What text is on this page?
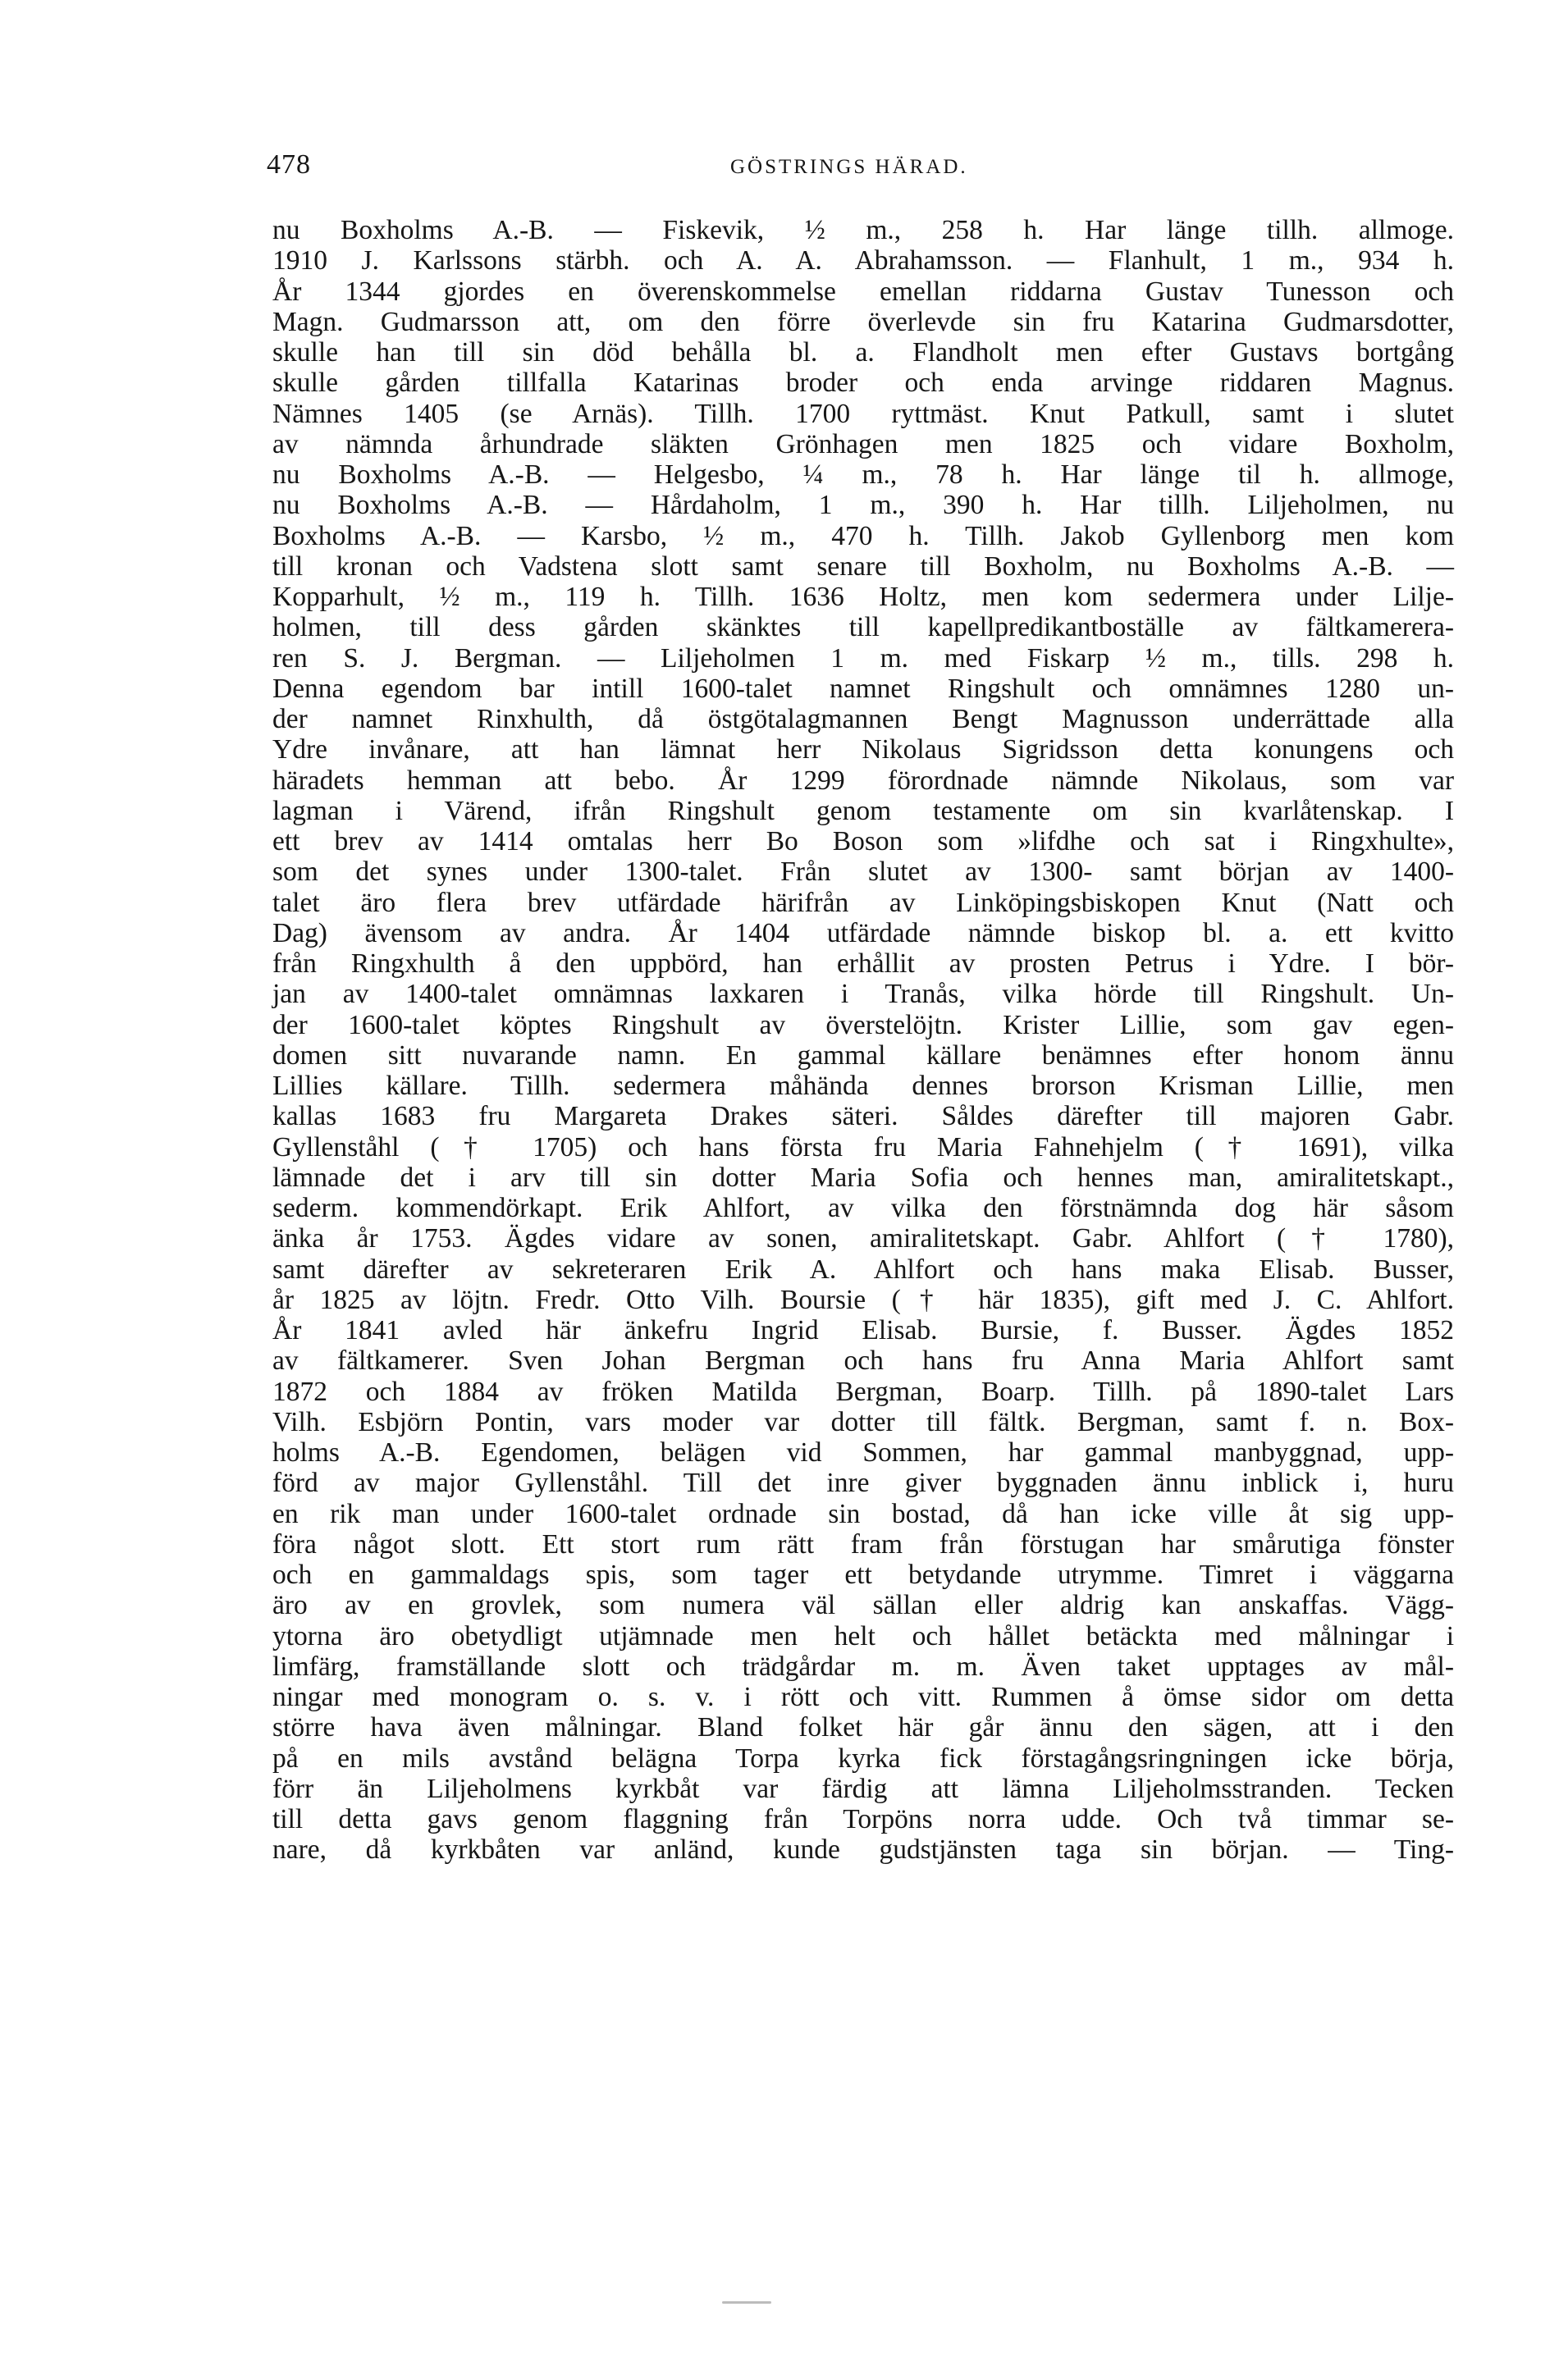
478	GÖSTRINGS HÄRAD.
nu Boxholms A.-B. — Fiskevik, ½ m., 258 h. Har länge tillh. allmoge.
1910 J. Karlssons stärbh. och A. A. Abrahamsson. — Flanhult, 1 m., 934 h.
År 1344 gjordes en överenskommelse emellan riddarna Gustav Tunesson och
Magn. Gudmarsson att, om den förre överlevde sin fru Katarina Gudmarsdotter,
skulle han till sin död behålla bl. a. Flandholt men efter Gustavs bortgång
skulle gården tillfalla Katarinas broder och enda arvinge riddaren Magnus.
Nämnes 1405 (se Arnäs). Tillh. 1700 ryttmäst. Knut Patkull, samt i slutet
av nämnda århundrade släkten Grönhagen men 1825 och vidare Boxholm,
nu Boxholms A.-B. — Helgesbo, ¼ m., 78 h. Har länge til h. allmoge,
nu Boxholms A.-B. — Hårdaholm, 1 m., 390 h. Har tillh. Liljeholmen, nu
Boxholms A.-B. — Karsbo, ½ m., 470 h. Tillh. Jakob Gyllenborg men kom
till kronan och Vadstena slott samt senare till Boxholm, nu Boxholms A.-B. —
Kopparhult, ½ m., 119 h. Tillh. 1636 Holtz, men kom sedermera under Lilje-
holmen, till dess gården skänktes till kapellpredikantboställe av fältkamerera-
ren S. J. Bergman. — Liljeholmen 1 m. med Fiskarp ½ m., tills. 298 h.
Denna egendom bar intill 1600-talet namnet Ringshult och omnämnes 1280 un-
der namnet Rinxhulth, då östgötalagmannen Bengt Magnusson underrättade alla
Ydre invånare, att han lämnat herr Nikolaus Sigridsson detta konungens och
häradets hemman att bebo. År 1299 förordnade nämnde Nikolaus, som var
lagman i Värend, ifrån Ringshult genom testamente om sin kvarlåtenskap. I
ett brev av 1414 omtalas herr Bo Boson som »lifdhe och sat i Ringxhulte»,
som det synes under 1300-talet. Från slutet av 1300- samt början av 1400-
talet äro flera brev utfärdade härifrån av Linköpingsbiskopen Knut (Natt och
Dag) ävensom av andra. År 1404 utfärdade nämnde biskop bl. a. ett kvitto
från Ringxhulth å den uppbörd, han erhållit av prosten Petrus i Ydre. I bör-
jan av 1400-talet omnämnas laxkaren i Tranås, vilka hörde till Ringshult. Un-
der 1600-talet köptes Ringshult av överstelöjtn. Krister Lillie, som gav egen-
domen sitt nuvarande namn. En gammal källare benämnes efter honom ännu
Lillies källare. Tillh. sedermera måhända dennes brorson Krisman Lillie, men
kallas 1683 fru Margareta Drakes säteri. Såldes därefter till majoren Gabr.
Gyllenståhl († 1705) och hans första fru Maria Fahnehjelm († 1691), vilka
lämnade det i arv till sin dotter Maria Sofia och hennes man, amiralitetskapt.,
sederm. kommendörkapt. Erik Ahlfort, av vilka den förstnämnda dog här såsom
änka år 1753. Ägdes vidare av sonen, amiralitetskapt. Gabr. Ahlfort († 1780),
samt därefter av sekreteraren Erik A. Ahlfort och hans maka Elisab. Busser,
år 1825 av löjtn. Fredr. Otto Vilh. Boursie († här 1835), gift med J. C. Ahlfort.
År 1841 avled här änkefru Ingrid Elisab. Bursie, f. Busser. Ägdes 1852
av fältkamerer. Sven Johan Bergman och hans fru Anna Maria Ahlfort samt
1872 och 1884 av fröken Matilda Bergman, Boarp. Tillh. på 1890-talet Lars
Vilh. Esbjörn Pontin, vars moder var dotter till fältk. Bergman, samt f. n. Box-
holms A.-B. Egendomen, belägen vid Sommen, har gammal manbyggnad, upp-
förd av major Gyllenståhl. Till det inre giver byggnaden ännu inblick i, huru
en rik man under 1600-talet ordnade sin bostad, då han icke ville åt sig upp-
föra något slott. Ett stort rum rätt fram från förstugan har smårutiga fönster
och en gammaldags spis, som tager ett betydande utrymme. Timret i väggarna
äro av en grovlek, som numera väl sällan eller aldrig kan anskaffas. Vägg-
ytorna äro obetydligt utjämnade men helt och hållet betäckta med målningar i
limfärg, framställande slott och trädgårdar m. m. Även taket upptages av mål-
ningar med monogram o. s. v. i rött och vitt. Rummen å ömse sidor om detta
större hava även målningar. Bland folket här går ännu den sägen, att i den
på en mils avstånd belägna Torpa kyrka fick förstagångsringningen icke börja,
förr än Liljeholmens kyrkbåt var färdig att lämna Liljeholmsstranden. Tecken
till detta gavs genom flaggning från Torpöns norra udde. Och två timmar se-
nare, då kyrkbåten var anländ, kunde gudstjänsten taga sin början. — Ting-
